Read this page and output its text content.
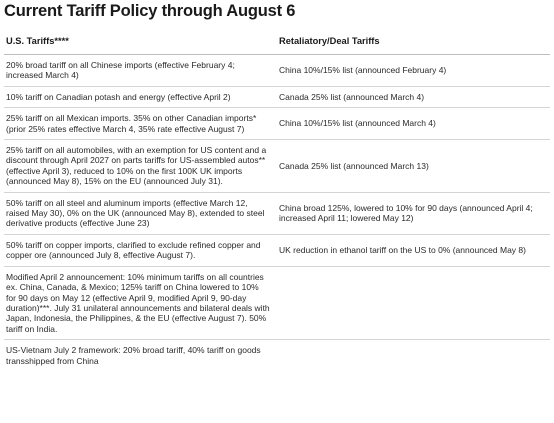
Current Tariff Policy through August 6
U.S. Tariffs****	Retaliatory/Deal Tariffs
20% broad tariff on all Chinese imports (effective February 4; increased March 4)	China 10%/15% list (announced February 4)
10% tariff on Canadian potash and energy (effective April 2)	Canada 25% list (announced March 4)
25% tariff on all Mexican imports. 35% on other Canadian imports* (prior 25% rates effective March 4, 35% rate effective August 7)	China 10%/15% list (announced March 4)
25% tariff on all automobiles, with an exemption for US content and a discount through April 2027 on parts tariffs for US-assembled autos** (effective April 3), reduced to 10% on the first 100K UK imports (announced May 8), 15% on the EU (announced July 31).	Canada 25% list (announced March 13)
50% tariff on all steel and aluminum imports (effective March 12, raised May 30), 0% on the UK (announced May 8), extended to steel derivative products (effective June 23)	China broad 125%, lowered to 10% for 90 days (announced April 4; increased April 11; lowered May 12)
50% tariff on copper imports, clarified to exclude refined copper and copper ore (announced July 8, effective August 7).	UK reduction in ethanol tariff on the US to 0% (announced May 8)
Modified April 2 announcement: 10% minimum tariffs on all countries ex. China, Canada, & Mexico; 125% tariff on China lowered to 10% for 90 days on May 12 (effective April 9, modified April 9, 90-day duration)***. July 31 unilateral announcements and bilateral deals with Japan, Indonesia, the Philippines, & the EU (effective August 7). 50% tariff on India.	
US-Vietnam July 2 framework: 20% broad tariff, 40% tariff on goods transshipped from China	
